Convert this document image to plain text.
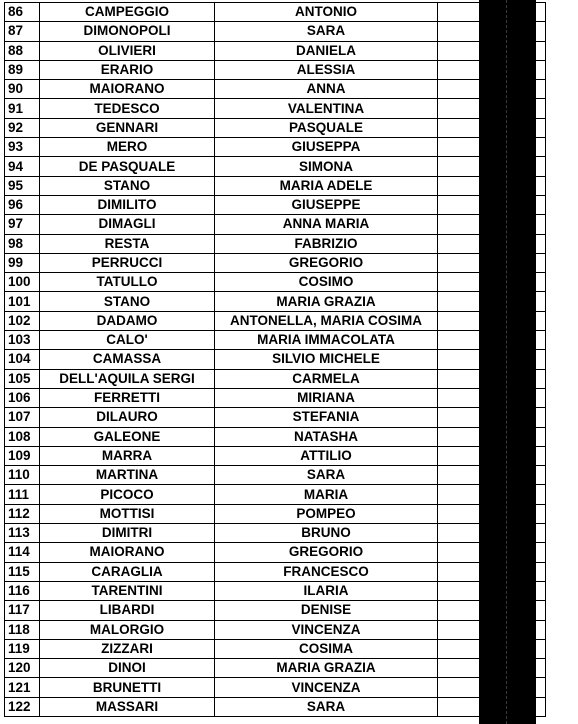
86	CAMPEGGIO	ANTONIO		
87	DIMONOPOLI	SARA		
88	OLIVIERI	DANIELA		
89	ERARIO	ALESSIA		
90	MAIORANO	ANNA		
91	TEDESCO	VALENTINA		
92	GENNARI	PASQUALE		
93	MERO	GIUSEPPA		
94	DE PASQUALE	SIMONA		
95	STANO	MARIA ADELE		
96	DIMILITO	GIUSEPPE		
97	DIMAGLI	ANNA MARIA		
98	RESTA	FABRIZIO		
99	PERRUCCI	GREGORIO		
100	TATULLO	COSIMO		
101	STANO	MARIA GRAZIA		
102	DADAMO	ANTONELLA, MARIA COSIMA		
103	CALO'	MARIA IMMACOLATA		
104	CAMASSA	SILVIO MICHELE		
105	DELL'AQUILA SERGI	CARMELA		
106	FERRETTI	MIRIANA		
107	DILAURO	STEFANIA		
108	GALEONE	NATASHA		
109	MARRA	ATTILIO		
110	MARTINA	SARA		
111	PICOCO	MARIA		
112	MOTTISI	POMPEO		
113	DIMITRI	BRUNO		
114	MAIORANO	GREGORIO		
115	CARAGLIA	FRANCESCO		
116	TARENTINI	ILARIA		
117	LIBARDI	DENISE		
118	MALORGIO	VINCENZA		
119	ZIZZARI	COSIMA		
120	DINOI	MARIA GRAZIA		
121	BRUNETTI	VINCENZA		
122	MASSARI	SARA		
